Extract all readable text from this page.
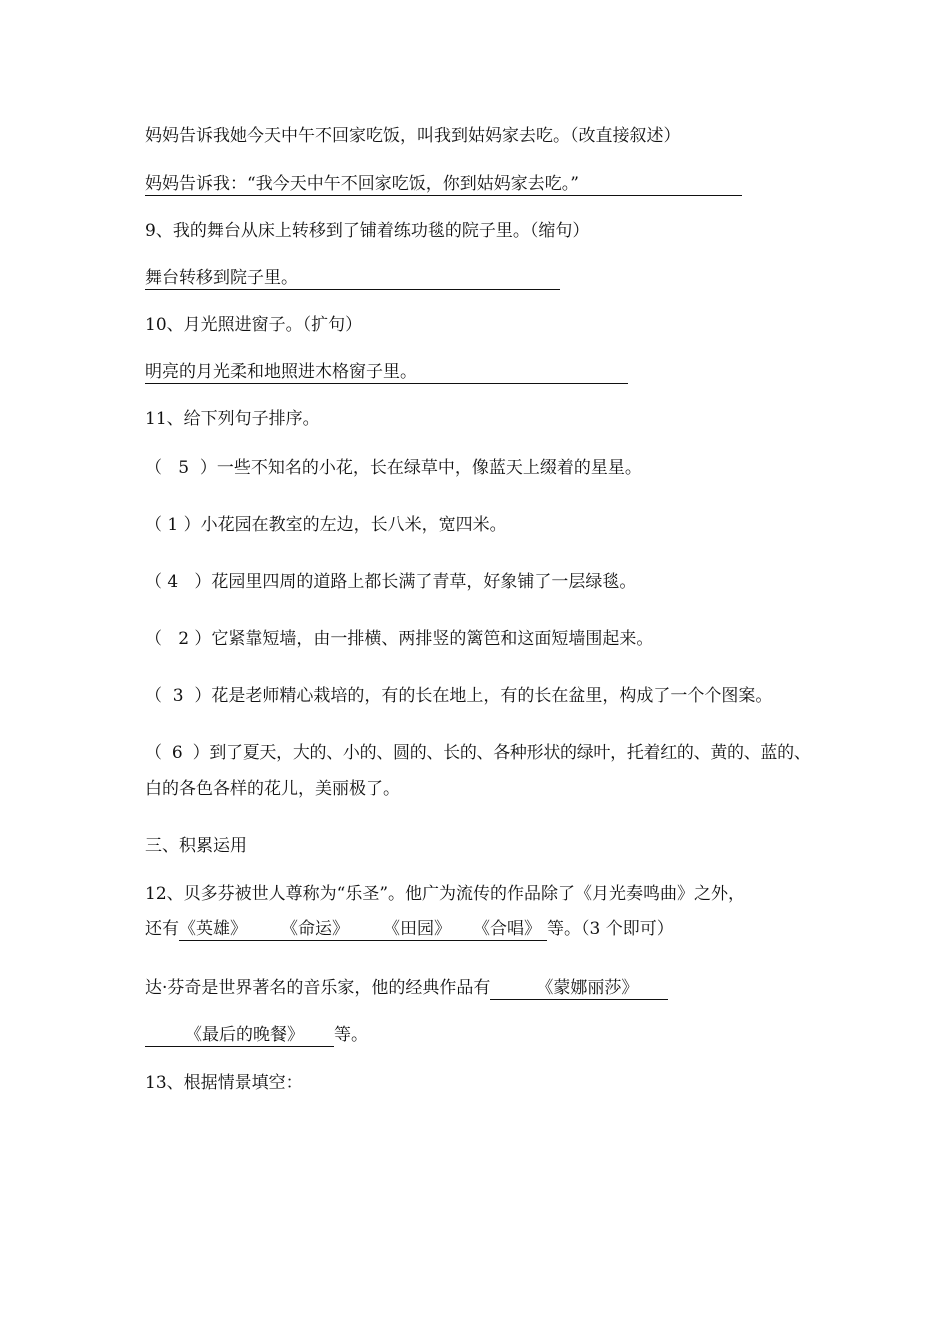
妈妈告诉我她今天中午不回家吃饭，叫我到姑妈家去吃。（改直接叙述）
妈妈告诉我：“我今天中午不回家吃饭，你到姑妈家去吃。”
9、我的舞台从床上转移到了铺着练功毯的院子里。（缩句）
舞台转移到院子里。
10、月光照进窗子。（扩句）
明亮的月光柔和地照进木格窗子里。
11、给下列句子排序。
（   5  ）一些不知名的小花，长在绿草中，像蓝天上缀着的星星。
（ 1 ）小花园在教室的左边，长八米，宽四米。
（ 4   ）花园里四周的道路上都长满了青草，好象铺了一层绿毯。
（   2 ）它紧靠短墙，由一排横、两排竖的篱笆和这面短墙围起来。
（  3  ）花是老师精心栽培的，有的长在地上，有的长在盆里，构成了一个个图案。
（  6  ）到了夏天，大的、小的、圆的、长的、各种形状的绿叶，托着红的、黄的、蓝的、
白的各色各样的花儿，美丽极了。
三、积累运用
12、贝多芬被世人尊称为“乐圣”。他广为流传的作品除了《月光奏鸣曲》之外，
还有《英雄》 《命运》 《田园》 《合唱》 等。（3 个即可）
达·芬奇是世界著名的音乐家，他的经典作品有	《蒙娜丽莎》
《最后的晚餐》 等。
13、根据情景填空：
